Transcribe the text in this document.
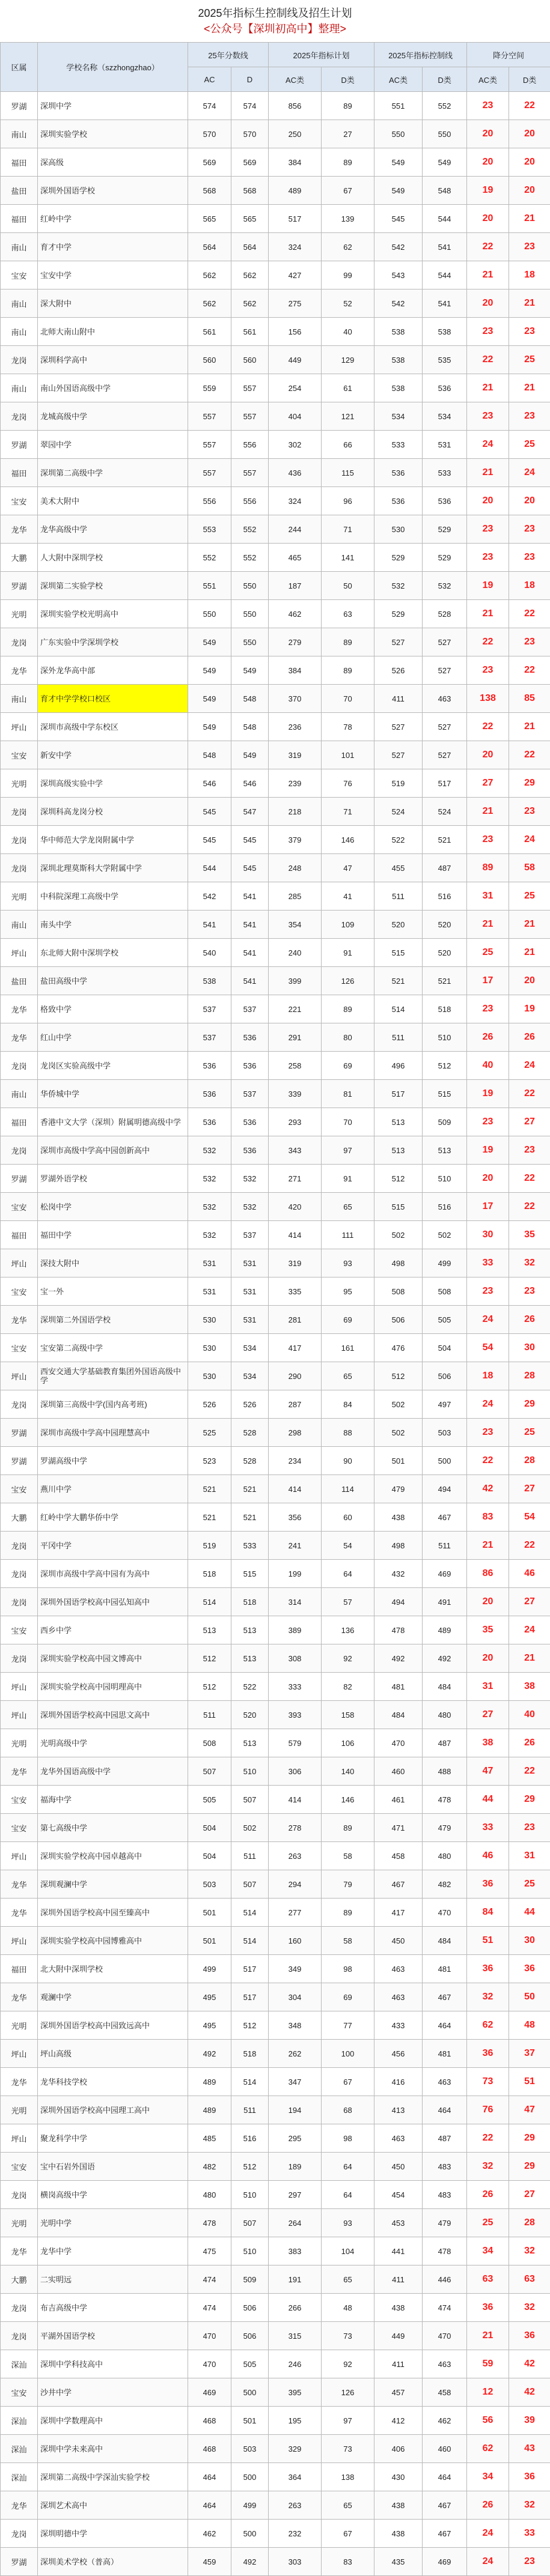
2025年指标生控制线及招生计划
<公众号【深圳初高中】整理>
区属	学校名称（szzhongzhao）	25年分数线		2025年指标计划		2025年指标控制线		降分空间	
		AC	D	AC类	D类	AC类	D类	AC类	D类
罗湖	深圳中学	574	574	856	89	551	552	23	22
南山	深圳实验学校	570	570	250	27	550	550	20	20
福田	深高级	569	569	384	89	549	549	20	20
盐田	深圳外国语学校	568	568	489	67	549	548	19	20
福田	红岭中学	565	565	517	139	545	544	20	21
南山	育才中学	564	564	324	62	542	541	22	23
宝安	宝安中学	562	562	427	99	543	544	21	18
南山	深大附中	562	562	275	52	542	541	20	21
南山	北师大南山附中	561	561	156	40	538	538	23	23
龙岗	深圳科学高中	560	560	449	129	538	535	22	25
南山	南山外国语高级中学	559	557	254	61	538	536	21	21
龙岗	龙城高级中学	557	557	404	121	534	534	23	23
罗湖	翠园中学	557	556	302	66	533	531	24	25
福田	深圳第二高级中学	557	557	436	115	536	533	21	24
宝安	美术大附中	556	556	324	96	536	536	20	20
龙华	龙华高级中学	553	552	244	71	530	529	23	23
大鹏	人大附中深圳学校	552	552	465	141	529	529	23	23
罗湖	深圳第二实验学校	551	550	187	50	532	532	19	18
光明	深圳实验学校光明高中	550	550	462	63	529	528	21	22
龙岗	广东实验中学深圳学校	549	550	279	89	527	527	22	23
龙华	深外龙华高中部	549	549	384	89	526	527	23	22
南山	育才中学学校口校区	549	548	370	70	411	463	138	85
坪山	深圳市高级中学东校区	549	548	236	78	527	527	22	21
宝安	新安中学	548	549	319	101	527	527	20	22
光明	深圳高级实验中学	546	546	239	76	519	517	27	29
龙岗	深圳科高龙岗分校	545	547	218	71	524	524	21	23
龙岗	华中师范大学龙岗附属中学	545	545	379	146	522	521	23	24
龙岗	深圳北理莫斯科大学附属中学	544	545	248	47	455	487	89	58
光明	中科院深理工高级中学	542	541	285	41	511	516	31	25
南山	南头中学	541	541	354	109	520	520	21	21
坪山	东北师大附中深圳学校	540	541	240	91	515	520	25	21
盐田	盐田高级中学	538	541	399	126	521	521	17	20
龙华	格致中学	537	537	221	89	514	518	23	19
龙华	红山中学	537	536	291	80	511	510	26	26
龙岗	龙岗区实验高级中学	536	536	258	69	496	512	40	24
南山	华侨城中学	536	537	339	81	517	515	19	22
福田	香港中文大学（深圳）附属明德高级中学	536	536	293	70	513	509	23	27
龙岗	深圳市高级中学高中园创新高中	532	536	343	97	513	513	19	23
罗湖	罗湖外语学校	532	532	271	91	512	510	20	22
宝安	松岗中学	532	532	420	65	515	516	17	22
福田	福田中学	532	537	414	111	502	502	30	35
坪山	深技大附中	531	531	319	93	498	499	33	32
宝安	宝一外	531	531	335	95	508	508	23	23
龙华	深圳第二外国语学校	530	531	281	69	506	505	24	26
宝安	宝安第二高级中学	530	534	417	161	476	504	54	30
坪山	西安交通大学基础教育集团外国语高级中学	530	534	290	65	512	506	18	28
龙岗	深圳第三高级中学(国内高考班)	526	526	287	84	502	497	24	29
罗湖	深圳市高级中学高中园理慧高中	525	528	298	88	502	503	23	25
罗湖	罗湖高级中学	523	528	234	90	501	500	22	28
宝安	燕川中学	521	521	414	114	479	494	42	27
大鹏	红岭中学大鹏华侨中学	521	521	356	60	438	467	83	54
龙岗	平冈中学	519	533	241	54	498	511	21	22
龙岗	深圳市高级中学高中园有为高中	518	515	199	64	432	469	86	46
龙岗	深圳外国语学校高中园弘知高中	514	518	314	57	494	491	20	27
宝安	西乡中学	513	513	389	136	478	489	35	24
龙岗	深圳实验学校高中园文博高中	512	513	308	92	492	492	20	21
坪山	深圳实验学校高中园明理高中	512	522	333	82	481	484	31	38
坪山	深圳外国语学校高中园思文高中	511	520	393	158	484	480	27	40
光明	光明高级中学	508	513	579	106	470	487	38	26
龙华	龙华外国语高级中学	507	510	306	140	460	488	47	22
宝安	福海中学	505	507	414	146	461	478	44	29
宝安	第七高级中学	504	502	278	89	471	479	33	23
坪山	深圳实验学校高中园卓越高中	504	511	263	58	458	480	46	31
龙华	深圳观澜中学	503	507	294	79	467	482	36	25
龙华	深圳外国语学校高中园至臻高中	501	514	277	89	417	470	84	44
坪山	深圳实验学校高中园博雅高中	501	514	160	58	450	484	51	30
福田	北大附中深圳学校	499	517	349	98	463	481	36	36
龙华	观澜中学	495	517	304	69	463	467	32	50
光明	深圳外国语学校高中园致远高中	495	512	348	77	433	464	62	48
坪山	坪山高级	492	518	262	100	456	481	36	37
龙华	龙华科技学校	489	514	347	67	416	463	73	51
光明	深圳外国语学校高中园理工高中	489	511	194	68	413	464	76	47
坪山	聚龙科学中学	485	516	295	98	463	487	22	29
宝安	宝中石岩外国语	482	512	189	64	450	483	32	29
龙岗	横岗高级中学	480	510	297	64	454	483	26	27
光明	光明中学	478	507	264	93	453	479	25	28
龙华	龙华中学	475	510	383	104	441	478	34	32
大鹏	二实明远	474	509	191	65	411	446	63	63
龙岗	布吉高级中学	474	506	266	48	438	474	36	32
龙岗	平湖外国语学校	470	506	315	73	449	470	21	36
深汕	深圳中学科技高中	470	505	246	92	411	463	59	42
宝安	沙井中学	469	500	395	126	457	458	12	42
深汕	深圳中学数理高中	468	501	195	97	412	462	56	39
深汕	深圳中学未来高中	468	503	329	73	406	460	62	43
深汕	深圳第二高级中学深汕实验学校	464	500	364	138	430	464	34	36
龙华	深圳艺术高中	464	499	263	65	438	467	26	32
龙岗	深圳明德中学	462	500	232	67	438	467	24	33
罗湖	深圳美术学校（普高）	459	492	303	83	435	469	24	23
